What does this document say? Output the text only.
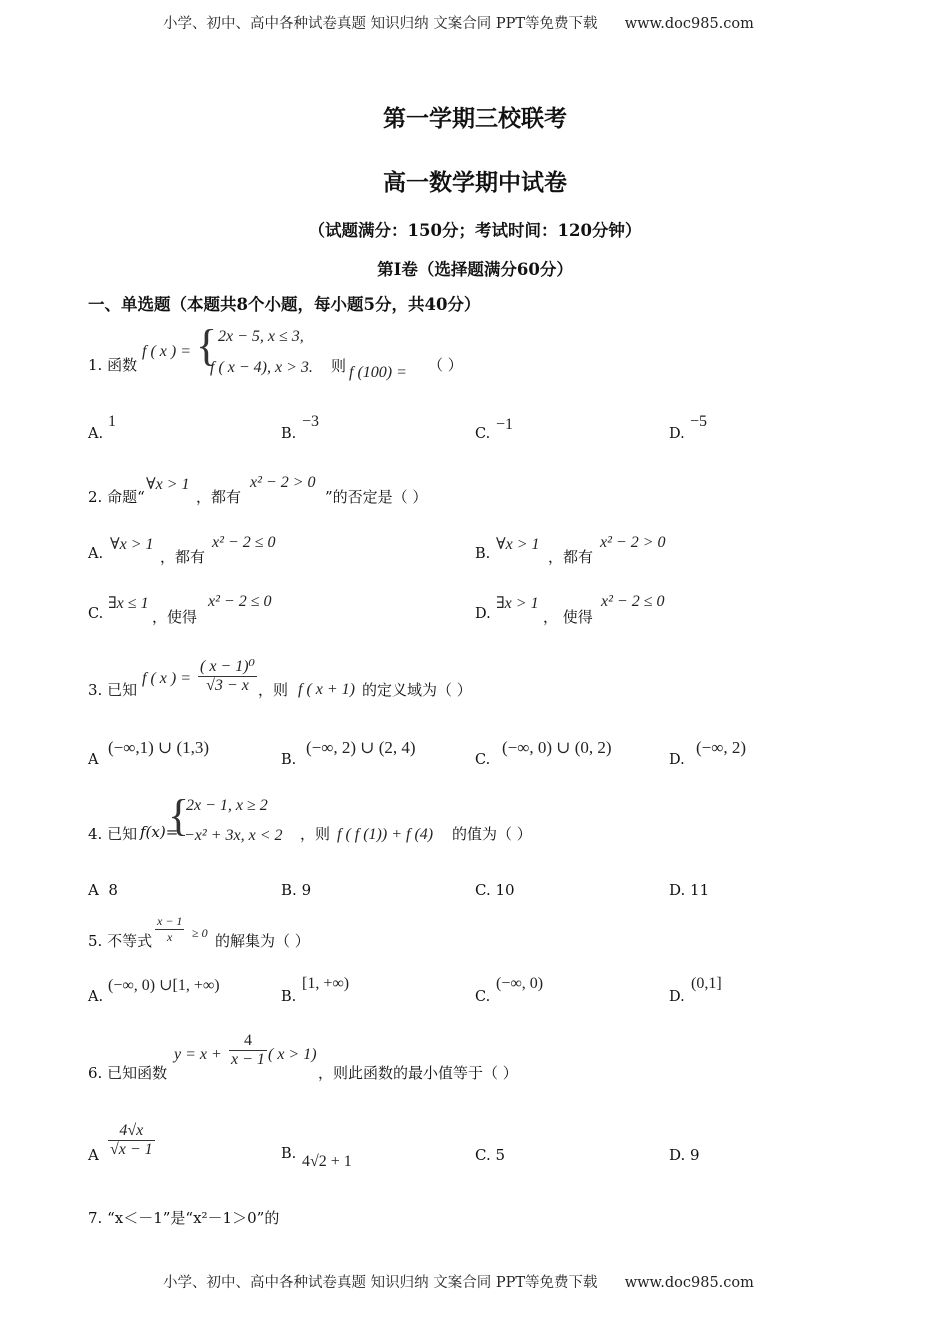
小学、初中、高中各种试卷真题 知识归纳 文案合同 PPT等免费下载 www.doc985.com
第一学期三校联考
高一数学期中试卷
（试题满分：150分；考试时间：120分钟）
第I卷（选择题满分60分）
一、单选题（本题共8个小题，每小题5分，共40分）
1. 函数
f ( x ) = { 2x − 5, x ≤ 3,
f ( x − 4), x > 3. 则 f (100) = （ ）
A.
1
B.
−3
C.
−1
D.
−5
2. 命题“
∀x > 1
，都有
x² − 2 > 0
”的否定是（ ）
A.
∀x > 1
，都有
x² − 2 ≤ 0
B.
∀x > 1
，都有
x² − 2 > 0
C.
∃x ≤ 1
，使得
x² − 2 ≤ 0
D.
∃x > 1
， 使得
x² − 2 ≤ 0
3. 已知
f ( x ) = $\frac{\text{( x − 1)⁰}}{√3 - x}$ ，则 f ( x + 1) 的定义域为（ ）
A
(−∞,1) ∪ (1,3)
B.
(−∞, 2) ∪ (2, 4)
C.
(−∞, 0) ∪ (0, 2)
D.
(−∞, 2)
4. 已知 f(x)=
{
2x − 1, x ≥ 2
−x² + 3x, x < 2 ，则 f ( f (1)) + f (4) 的值为（ ）
A 8	B. 9	C. 10	D. 11
5. 不等式 $\frac{x - 1}{x} \ge 0$ 的解集为（ ）
A.
(−∞, 0) ∪[1, +∞)
B.
[1, +∞)
C.
(−∞, 0)
D.
(0,1]
6. 已知函数
$y = x + \frac{4}{x - 1}$ ( x > 1)
，则此函数的最小值等于（ ）
A $\frac{4√x}{√x - 1}$	B. 4√2 + 1	C. 5	D. 9
7. “x＜－1”是“x²－1＞0”的
小学、初中、高中各种试卷真题 知识归纳 文案合同 PPT等免费下载 www.doc985.com
